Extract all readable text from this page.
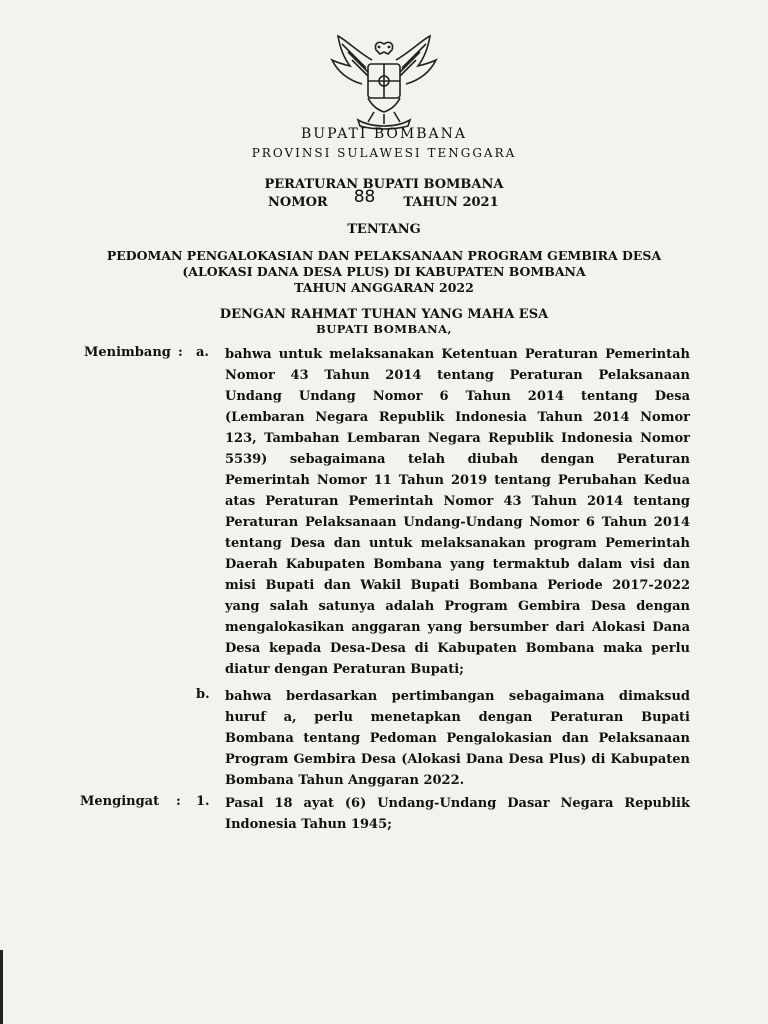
BUPATI BOMBANA
PROVINSI SULAWESI TENGGARA
PERATURAN BUPATI BOMBANA
NOMOR 88 TAHUN 2021
TENTANG
PEDOMAN PENGALOKASIAN DAN PELAKSANAAN PROGRAM GEMBIRA DESA
(ALOKASI DANA DESA PLUS) DI KABUPATEN BOMBANA
TAHUN ANGGARAN 2022
DENGAN RAHMAT TUHAN YANG MAHA ESA
BUPATI BOMBANA,
Menimbang : a. bahwa untuk melaksanakan Ketentuan Peraturan Pemerintah
Nomor 43 Tahun 2014 tentang Peraturan Pelaksanaan
Undang Undang Nomor 6 Tahun 2014 tentang Desa
(Lembaran Negara Republik Indonesia Tahun 2014 Nomor
123, Tambahan Lembaran Negara Republik Indonesia Nomor
5539) sebagaimana telah diubah dengan Peraturan
Pemerintah Nomor 11 Tahun 2019 tentang Perubahan Kedua
atas Peraturan Pemerintah Nomor 43 Tahun 2014 tentang
Peraturan Pelaksanaan Undang-Undang Nomor 6 Tahun 2014
tentang Desa dan untuk melaksanakan program Pemerintah
Daerah Kabupaten Bombana yang termaktub dalam visi dan
misi Bupati dan Wakil Bupati Bombana Periode 2017-2022
yang salah satunya adalah Program Gembira Desa dengan
mengalokasikan anggaran yang bersumber dari Alokasi Dana
Desa kepada Desa-Desa di Kabupaten Bombana maka perlu
diatur dengan Peraturan Bupati;
b. bahwa berdasarkan pertimbangan sebagaimana dimaksud
huruf a, perlu menetapkan dengan Peraturan Bupati
Bombana tentang Pedoman Pengalokasian dan Pelaksanaan
Program Gembira Desa (Alokasi Dana Desa Plus) di Kabupaten
Bombana Tahun Anggaran 2022.
Mengingat : 1. Pasal 18 ayat (6) Undang-Undang Dasar Negara Republik
Indonesia Tahun 1945;
